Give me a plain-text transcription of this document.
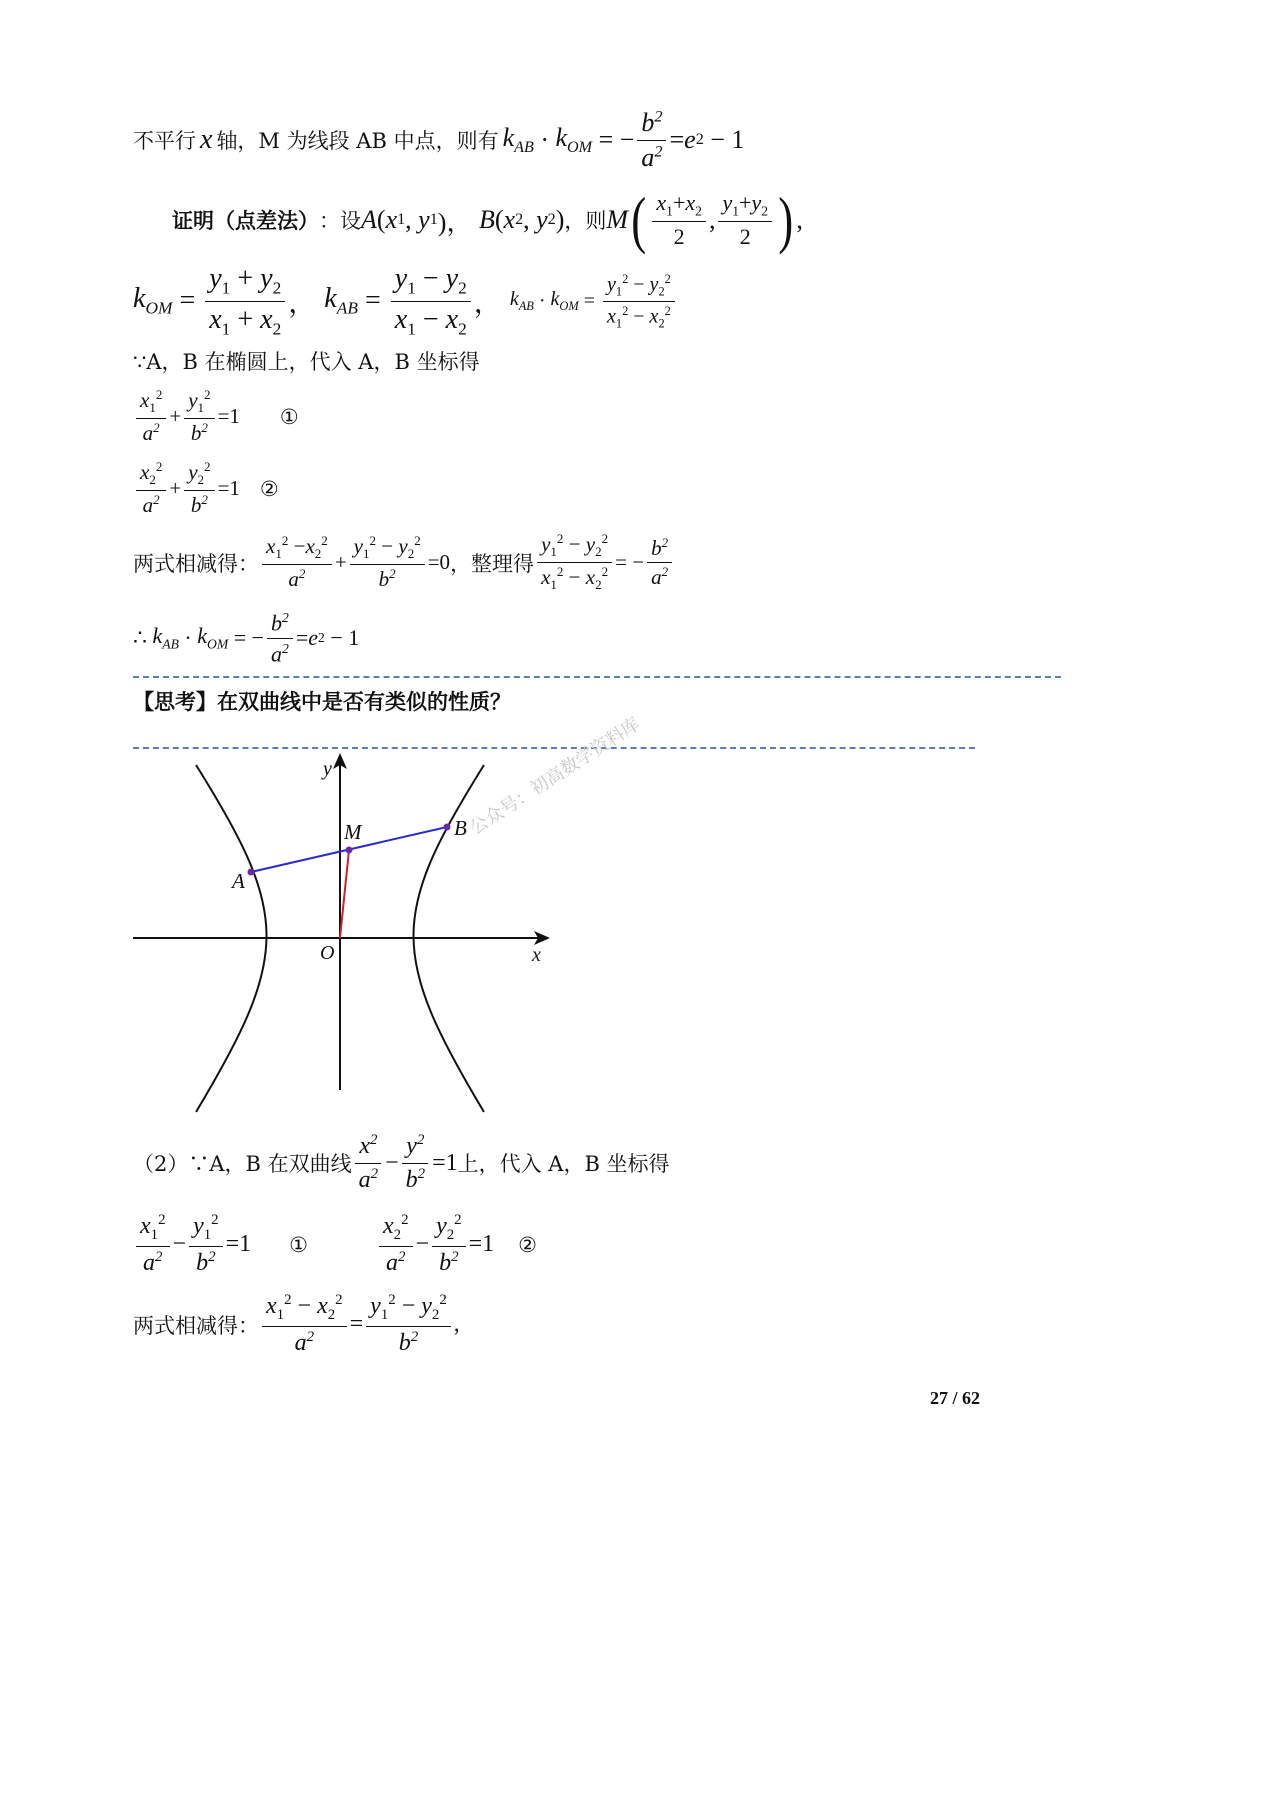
不平行 x 轴，M 为线段 AB 中点，则有 $k_{AB} \cdot k_{OM}$ = − $\frac{b^2}{a^2} = e$ 2 − 1
证明（点差法） ：设 A ( x 1 , y 1 )， B ( x 2 , y 2 ) ，则 M ( $\frac{x_1+x_2}{2}$ , $\frac{y_1+y_2}{2}$ ) ,
$k_{OM} = \frac{y_1 + y_2}{x_1 + x_2}$ ， $k_{AB} = \frac{y_1 - y_2}{x_1 - x_2}$ ， $k_{AB} \cdot k_{OM} = \frac{y_1^2 - y_2^2}{x_1^2 - x_2^2}$
∵A，B 在椭圆上，代入 A，B 坐标得
$\frac{x_1^2}{a^2} + \frac{y_1^2}{b^2} =1$ ①
$\frac{x_2^2}{a^2} + \frac{y_2^2}{b^2} =1$ ②
两式相减得： $\frac{x_1^2 -x_2^2}{a^2} + \frac{y_1^2 - y_2^2}{b^2} =0$ ，整理得 $\frac{y_1^2 - y_2^2}{x_1^2 - x_2^2}$ = − $\frac{b^2}{a^2}$
∴ $k_{AB} \cdot k_{OM}$ = − $\frac{b^2}{a^2} = e$ 2 − 1
【思考】在双曲线中是否有类似的性质？
y
x
O
M
A
B 公众号：初高数学资料库
（2）∵A，B 在双曲线 $\frac{x^2}{a^2} - \frac{y^2}{b^2} =1$ 上，代入 A，B 坐标得
$\frac{x_1^2}{a^2} - \frac{y_1^2}{b^2} =1$ ①	$\frac{x_2^2}{a^2} - \frac{y_2^2}{b^2} =1$ ②
两式相减得： $\frac{x_1^2 - x_2^2}{a^2} = \frac{y_1^2 - y_2^2}{b^2}$ ,
27 / 62
